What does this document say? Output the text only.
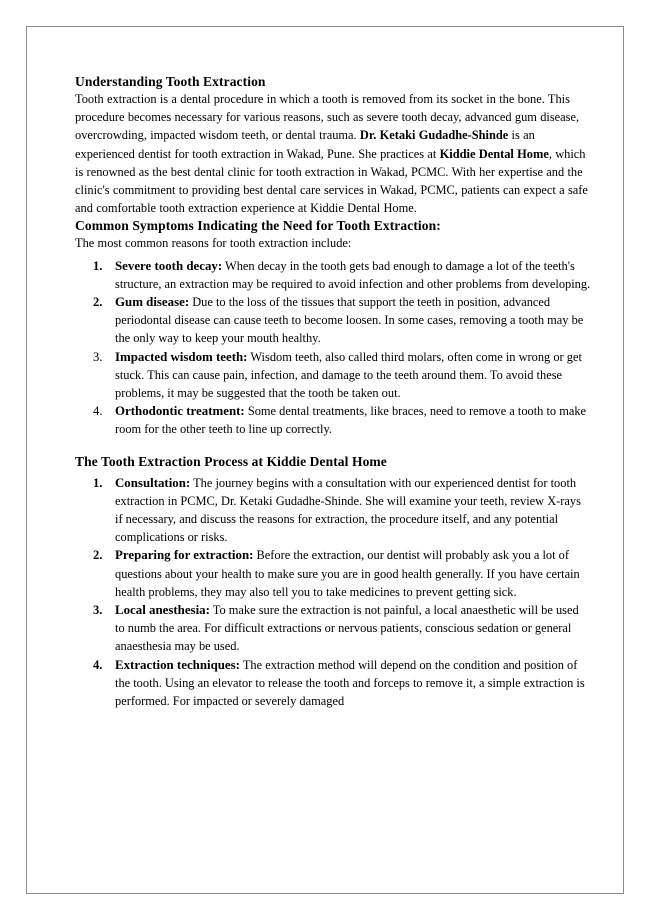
Understanding Tooth Extraction

Tooth extraction is a dental procedure in which a tooth is removed from its socket in the bone. This procedure becomes necessary for various reasons, such as severe tooth decay, advanced gum disease, overcrowding, impacted wisdom teeth, or dental trauma. Dr. Ketaki Gudadhe-Shinde is an experienced dentist for tooth extraction in Wakad, Pune. She practices at Kiddie Dental Home, which is renowned as the best dental clinic for tooth extraction in Wakad, PCMC. With her expertise and the clinic's commitment to providing best dental care services in Wakad, PCMC, patients can expect a safe and comfortable tooth extraction experience at Kiddie Dental Home.

Common Symptoms Indicating the Need for Tooth Extraction:

The most common reasons for tooth extraction include:

1. Severe tooth decay: When decay in the tooth gets bad enough to damage a lot of the teeth's structure, an extraction may be required to avoid infection and other problems from developing.
2. Gum disease: Due to the loss of the tissues that support the teeth in position, advanced periodontal disease can cause teeth to become loosen. In some cases, removing a tooth may be the only way to keep your mouth healthy.
3. Impacted wisdom teeth: Wisdom teeth, also called third molars, often come in wrong or get stuck. This can cause pain, infection, and damage to the teeth around them. To avoid these problems, it may be suggested that the tooth be taken out.
4. Orthodontic treatment: Some dental treatments, like braces, need to remove a tooth to make room for the other teeth to line up correctly.
The Tooth Extraction Process at Kiddie Dental Home
1. Consultation: The journey begins with a consultation with our experienced dentist for tooth extraction in PCMC, Dr. Ketaki Gudadhe-Shinde. She will examine your teeth, review X-rays if necessary, and discuss the reasons for extraction, the procedure itself, and any potential complications or risks.
2. Preparing for extraction: Before the extraction, our dentist will probably ask you a lot of questions about your health to make sure you are in good health generally. If you have certain health problems, they may also tell you to take medicines to prevent getting sick.
3. Local anesthesia: To make sure the extraction is not painful, a local anaesthetic will be used to numb the area. For difficult extractions or nervous patients, conscious sedation or general anaesthesia may be used.
4. Extraction techniques: The extraction method will depend on the condition and position of the tooth. Using an elevator to release the tooth and forceps to remove it, a simple extraction is performed. For impacted or severely damaged
